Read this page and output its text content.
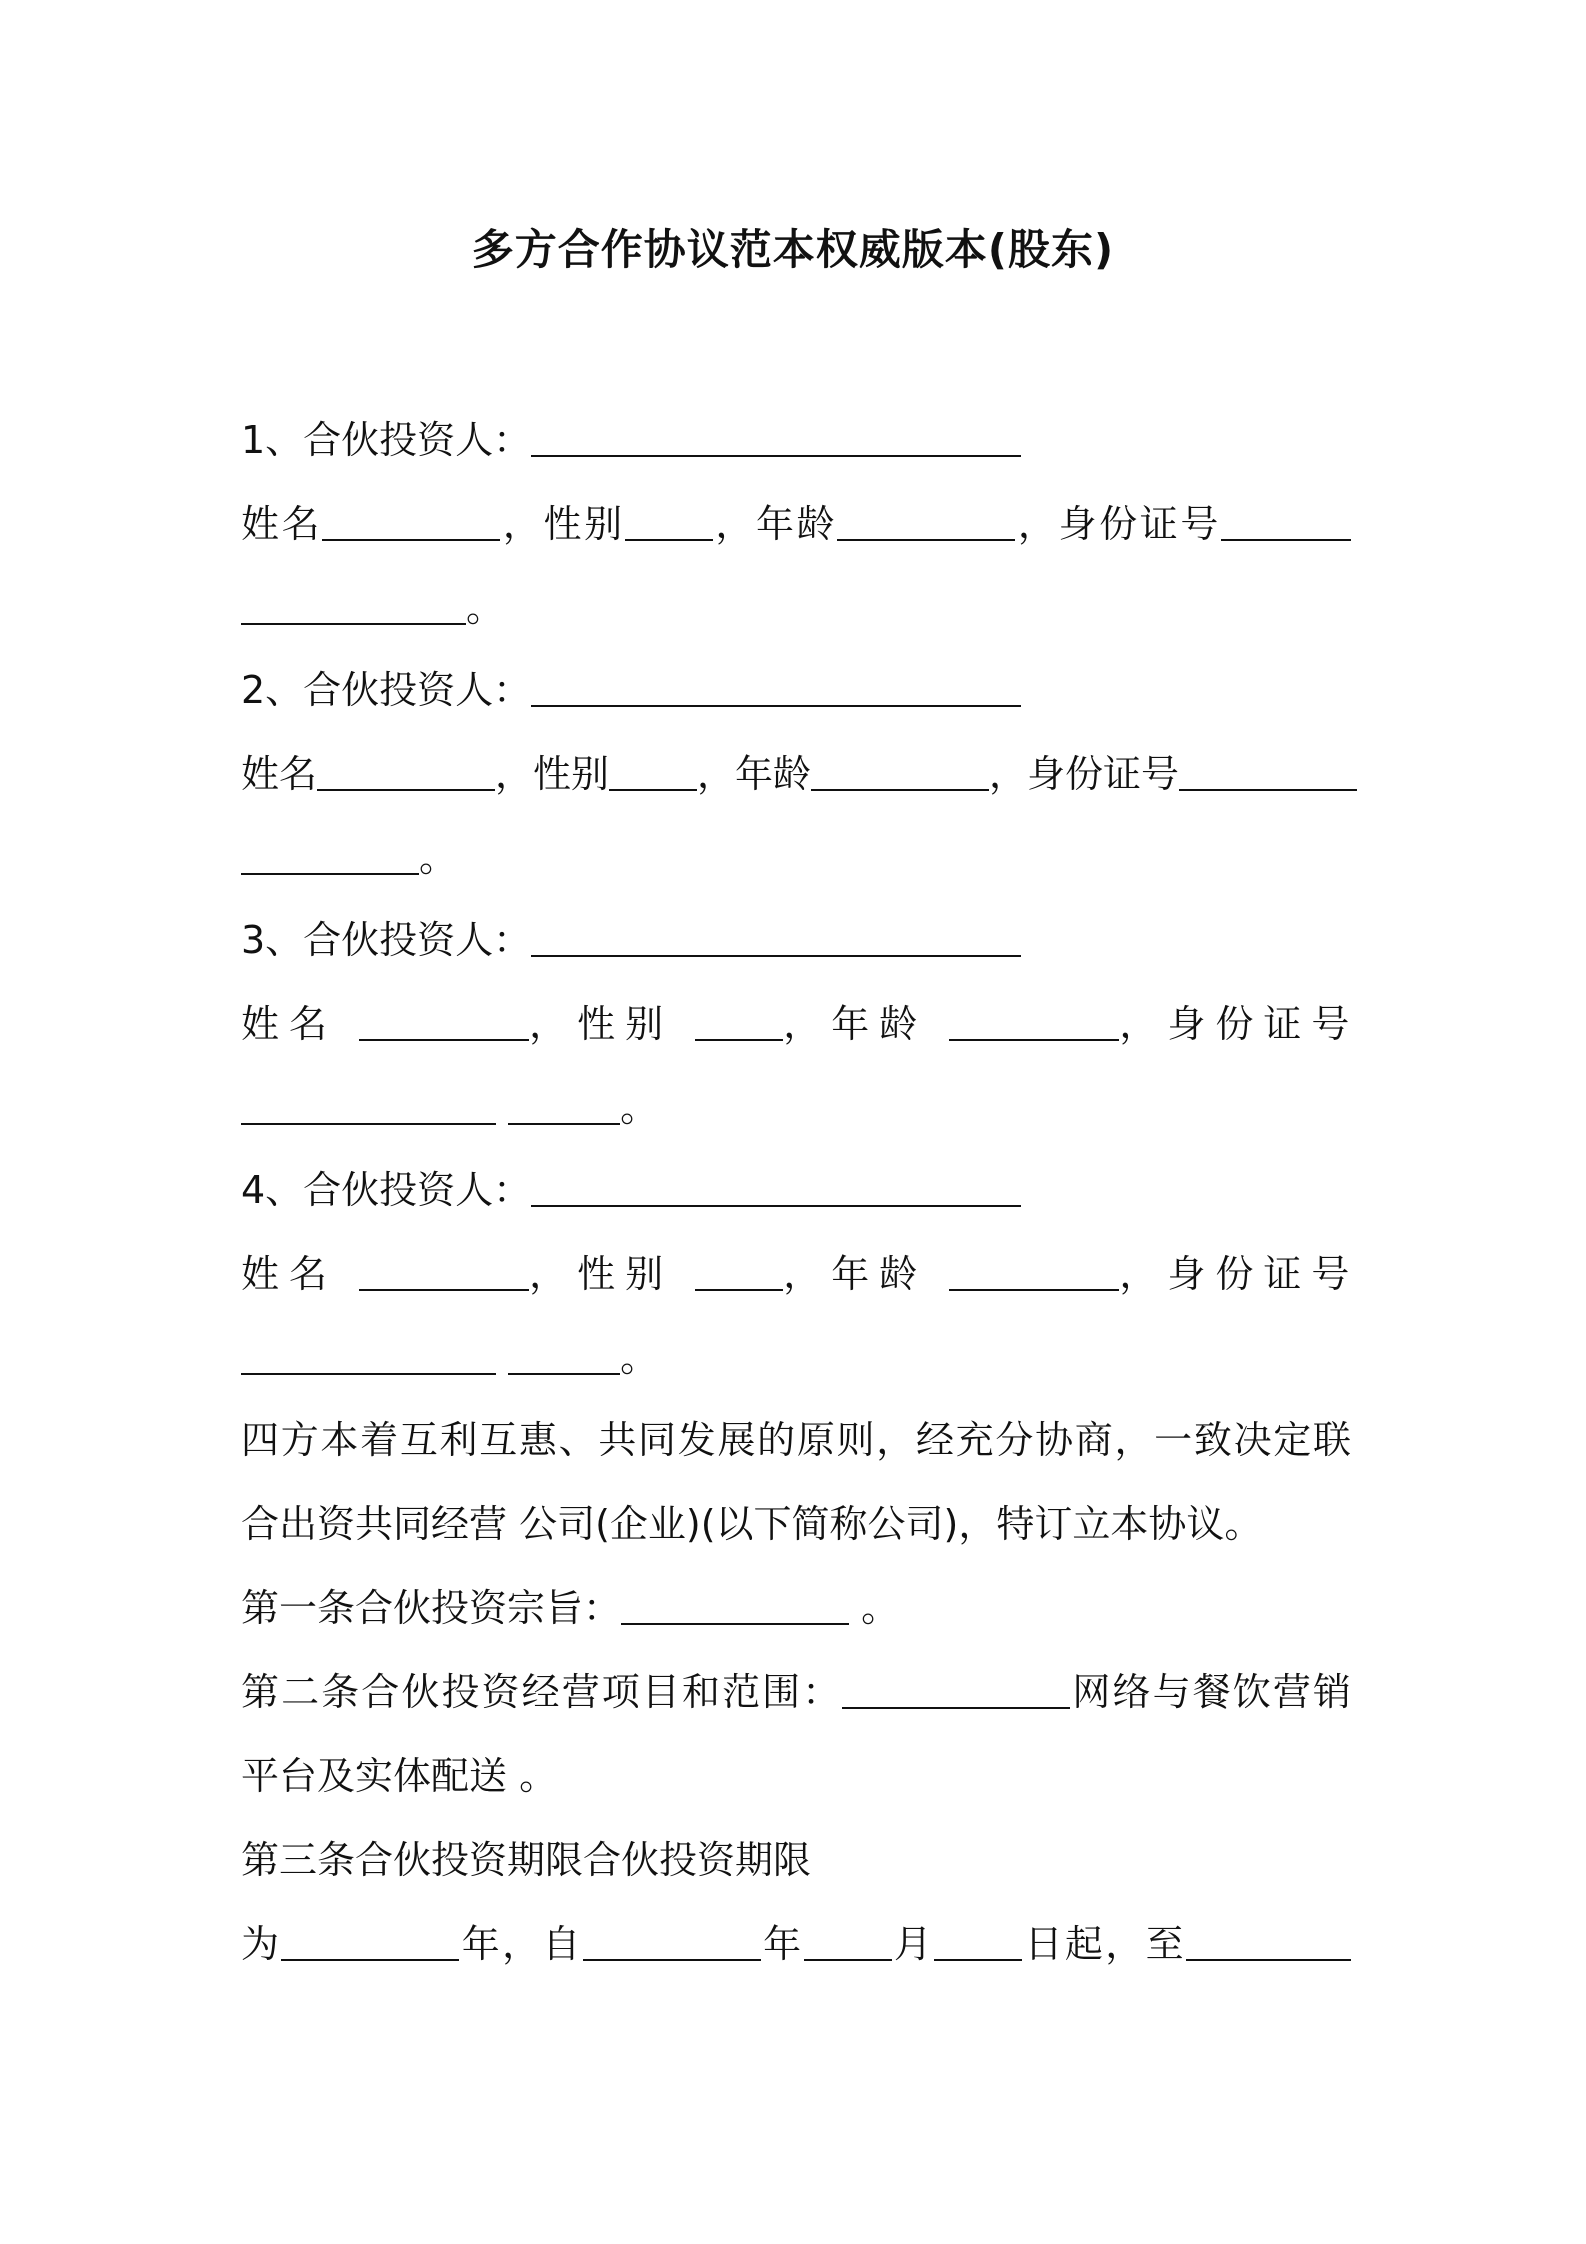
多方合作协议范本权威版本(股东)
1、合伙投资人：
姓名	，性别 ，年龄	，身份证号
。
2、合伙投资人：
姓名	，性别 ，年龄	，身份证号
。
3、合伙投资人：
姓名	，性别	，年龄	，身份证号
。
4、合伙投资人：
姓名	，性别	，年龄	，身份证号
。
四方本着互利互惠、共同发展的原则，经充分协商，一致决定联
合出资共同经营 公司(企业)(以下简称公司)，特订立本协议。
第一条合伙投资宗旨：	。
第二条合伙投资经营项目和范围：	网络与餐饮营销
平台及实体配送 。
第三条合伙投资期限合伙投资期限
为	年，自	年 月 日起，至
